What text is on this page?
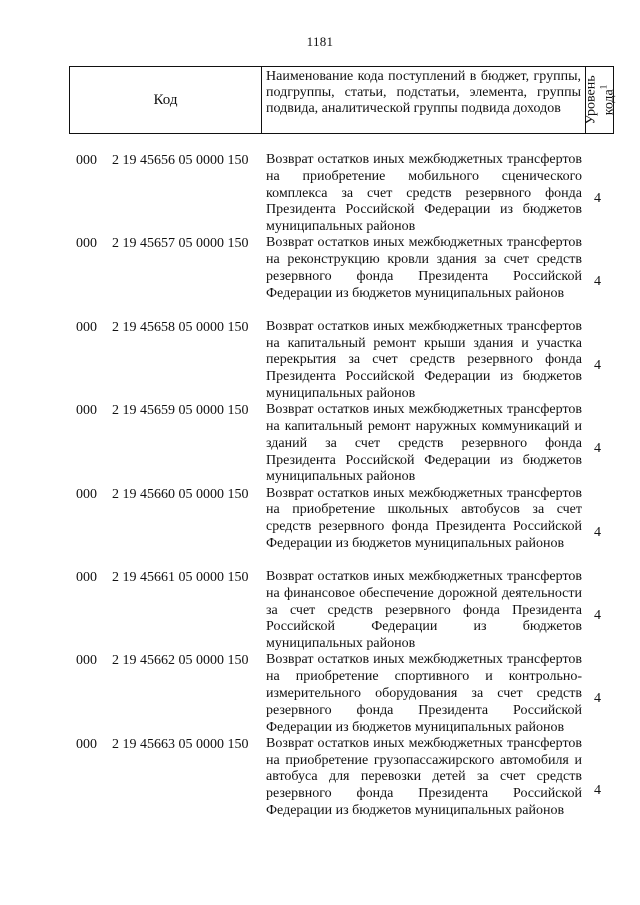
1181
Код
Наименование кода поступлений в бюджет, группы, подгруппы, статьи, подстатьи, элемента, группы подвида, аналитической группы подвида доходов	Уровень кода$^1$
000 2 19 45656 05 0000 150 Возврат остатков иных межбюджетных трансфертов на приобретение мобильного сценического комплекса за счет средств резервного фонда Президента Российской Федерации из бюджетов муниципальных районов
4
000 2 19 45657 05 0000 150 Возврат остатков иных межбюджетных трансфертов на реконструкцию кровли здания за счет средств резервного фонда Президента Российской Федерации из бюджетов муниципальных районов
4
000 2 19 45658 05 0000 150 Возврат остатков иных межбюджетных трансфертов на капитальный ремонт крыши здания и участка перекрытия за счет средств резервного фонда Президента Российской Федерации из бюджетов муниципальных районов
4
000 2 19 45659 05 0000 150 Возврат остатков иных межбюджетных трансфертов на капитальный ремонт наружных коммуникаций и зданий за счет средств резервного фонда Президента Российской Федерации из бюджетов муниципальных районов
4
000 2 19 45660 05 0000 150 Возврат остатков иных межбюджетных трансфертов на приобретение школьных автобусов за счет средств резервного фонда Президента Российской Федерации из бюджетов муниципальных районов
4
000 2 19 45661 05 0000 150 Возврат остатков иных межбюджетных трансфертов на финансовое обеспечение дорожной деятельности за счет средств резервного фонда Президента Российской Федерации из бюджетов муниципальных районов
4
000 2 19 45662 05 0000 150 Возврат остатков иных межбюджетных трансфертов на приобретение спортивного и контрольно-измерительного оборудования за счет средств резервного фонда Президента Российской Федерации из бюджетов муниципальных районов
4
000 2 19 45663 05 0000 150 Возврат остатков иных межбюджетных трансфертов на приобретение грузопассажирского автомобиля и автобуса для перевозки детей за счет средств резервного фонда Президента Российской Федерации из бюджетов муниципальных районов
4
